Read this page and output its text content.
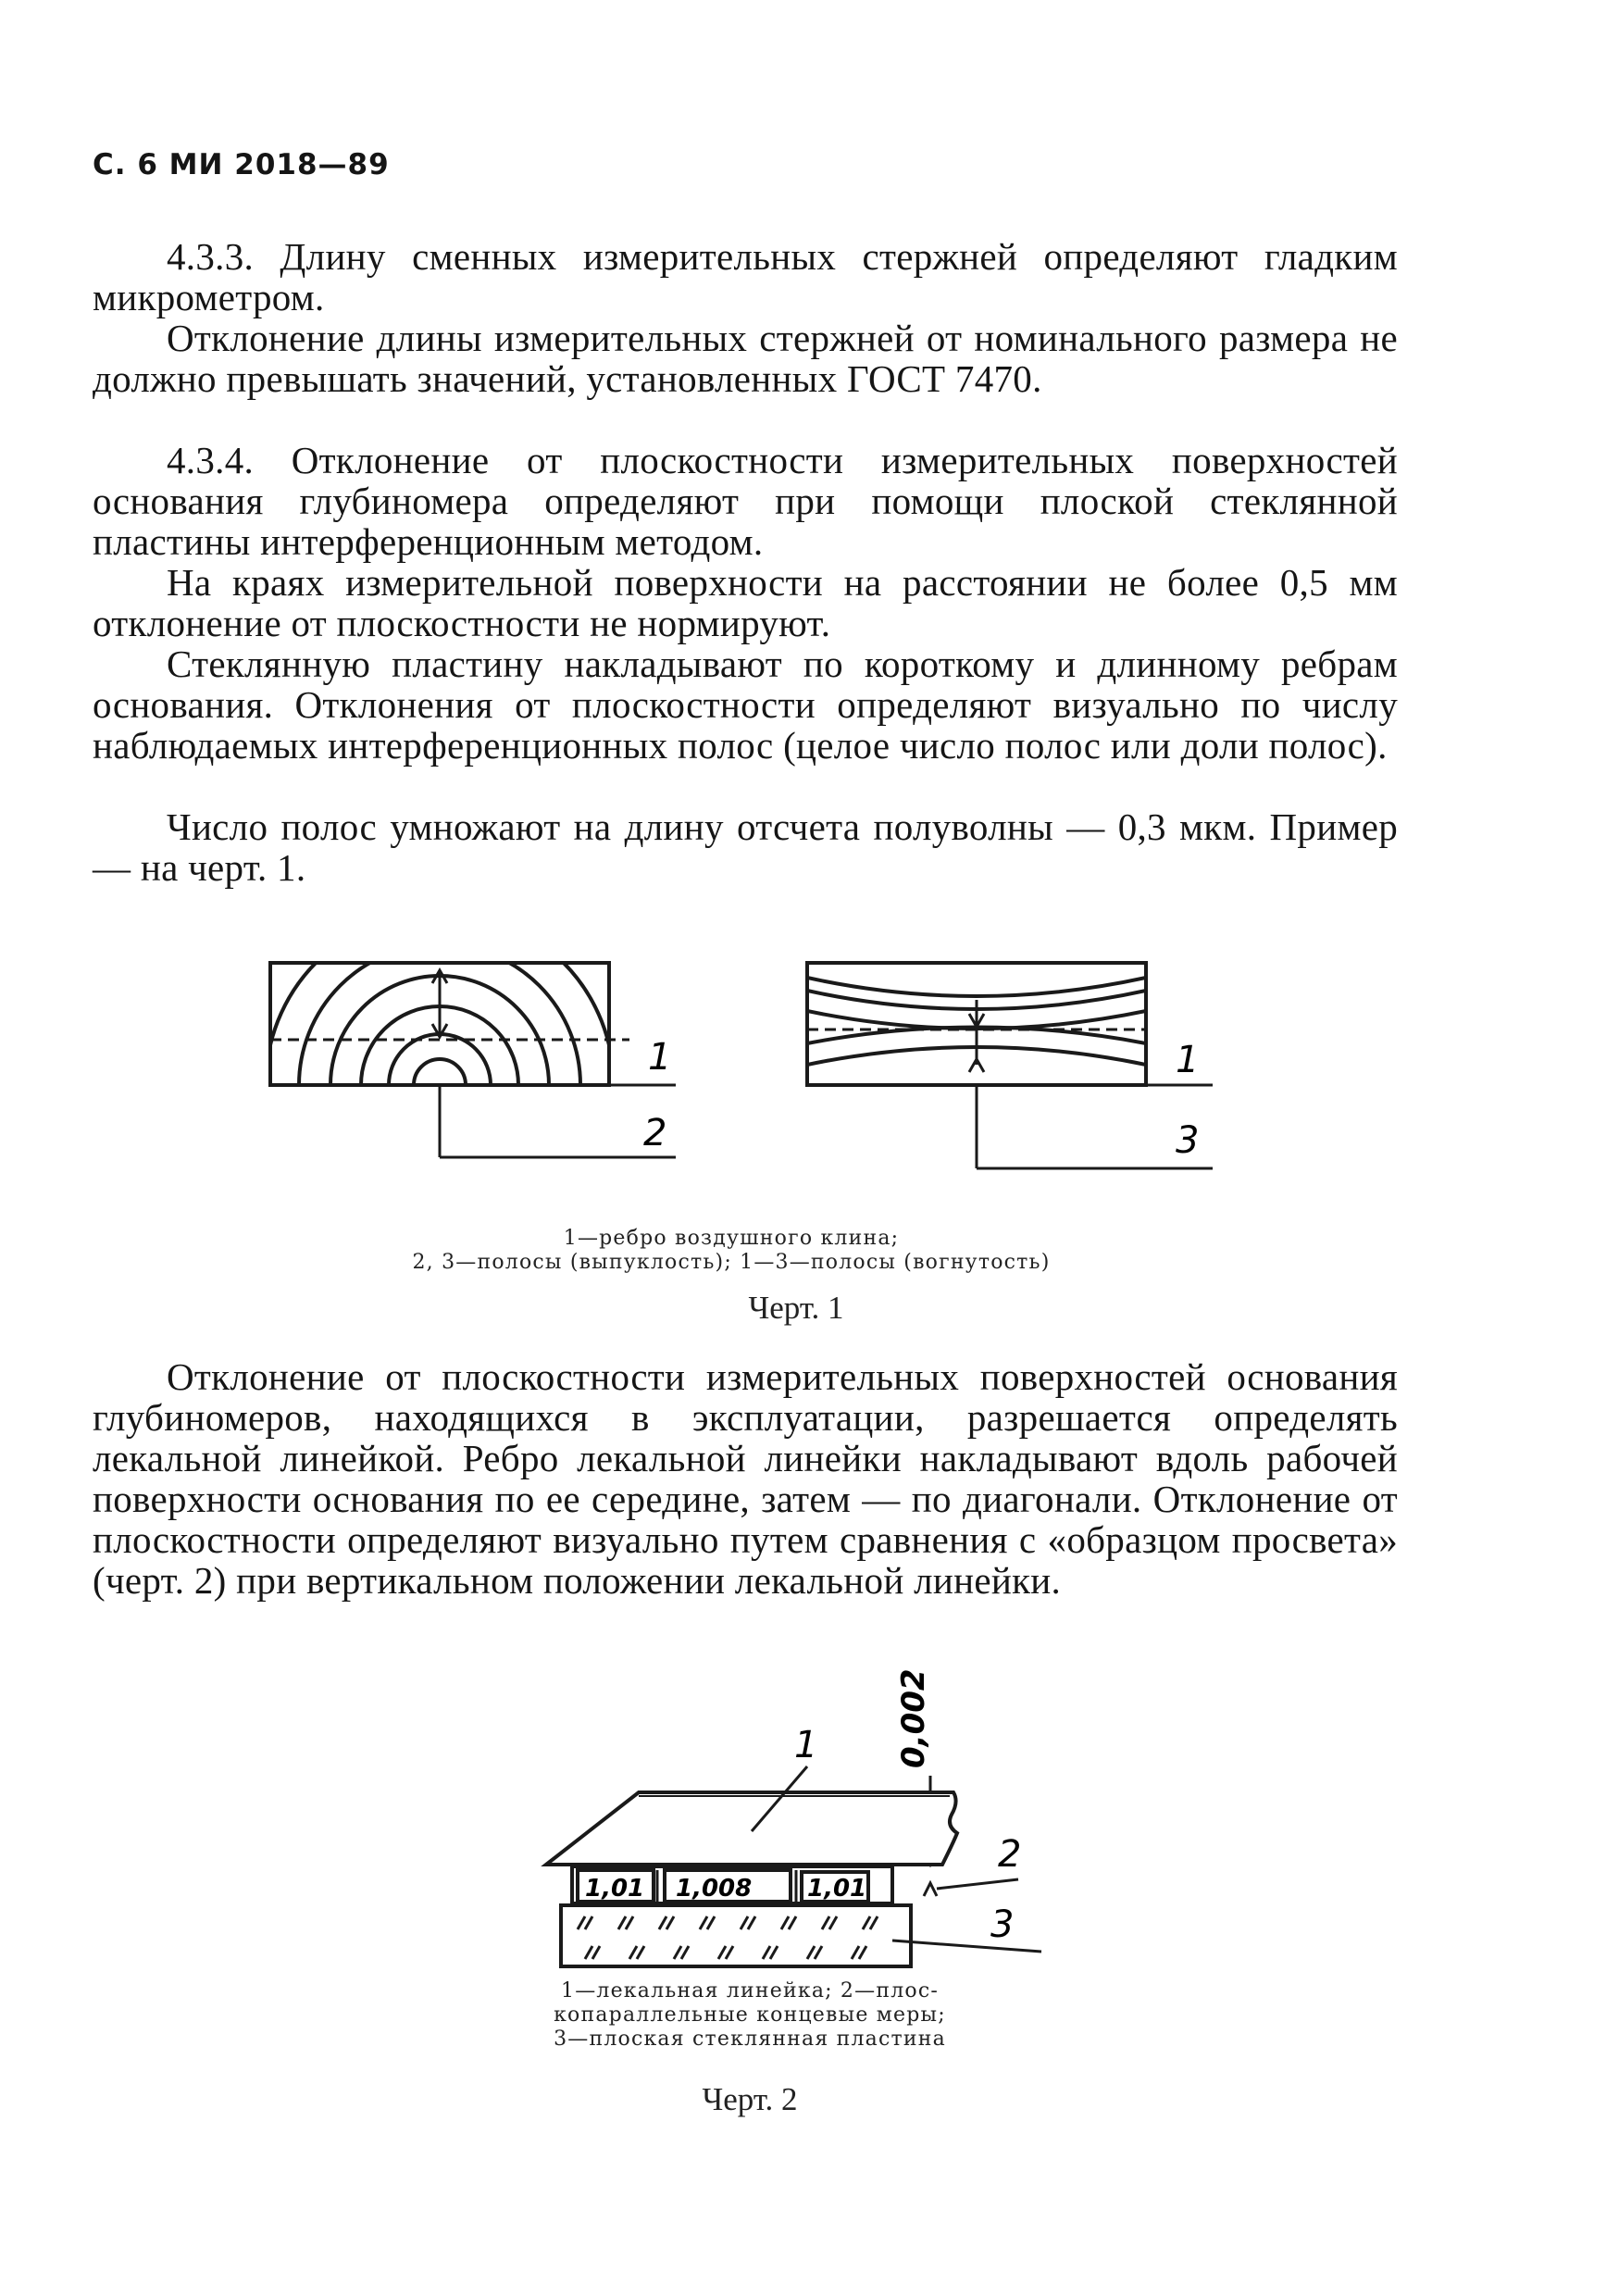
С. 6 МИ 2018—89

4.3.3. Длину сменных измерительных стержней определяют гладким микрометром.

Отклонение длины измерительных стержней от номинального размера не должно превышать значений, установленных ГОСТ 7470.

4.3.4. Отклонение от плоскостности измерительных поверхностей основания глубиномера определяют при помощи плоской стеклянной пластины интерференционным методом.

На краях измерительной поверхности на расстоянии не более 0,5 мм отклонение от плоскостности не нормируют.

Стеклянную пластину накладывают по короткому и длинному ребрам основания. Отклонения от плоскостности определяют визуально по числу наблюдаемых интерференционных полос (целое число полос или доли полос).

Число полос умножают на длину отсчета полуволны — 0,3 мкм. Пример — на черт. 1.

1
2
1
3
1—ребро воздушного клина;
2, 3—полосы (выпуклость); 1—3—полосы (вогнутость)
Черт. 1

Отклонение от плоскостности измерительных поверхностей основания глубиномеров, находящихся в эксплуатации, разрешается определять лекальной линейкой. Ребро лекальной линейки накладывают вдоль рабочей поверхности основания по ее середине, затем — по диагонали. Отклонение от плоскостности определяют визуально путем сравнения с «образцом просвета» (черт. 2) при вертикальном положении лекальной линейки.

0,002
1
1,01 1,008 1,01
2
3
1—лекальная линейка; 2—плос-
копараллельные концевые меры;
3—плоская стеклянная пластина
Черт. 2
